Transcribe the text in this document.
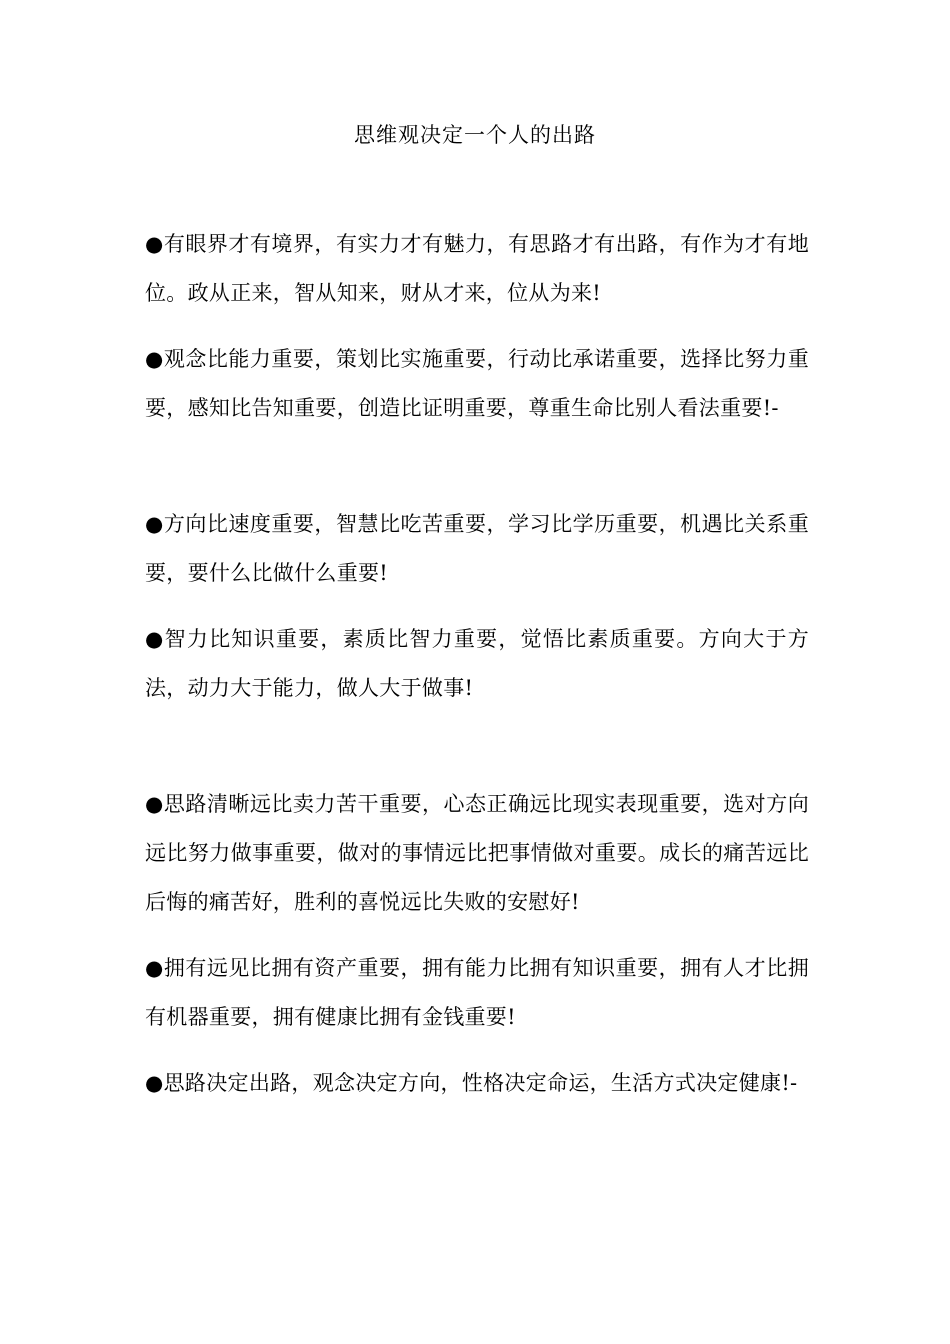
思维观决定一个人的出路

●有眼界才有境界，有实力才有魅力，有思路才有出路，有作为才有地位。政从正来，智从知来，财从才来，位从为来!

●观念比能力重要，策划比实施重要，行动比承诺重要，选择比努力重要，感知比告知重要，创造比证明重要，尊重生命比别人看法重要!-

●方向比速度重要，智慧比吃苦重要，学习比学历重要，机遇比关系重要，要什么比做什么重要!

●智力比知识重要，素质比智力重要，觉悟比素质重要。方向大于方法，动力大于能力，做人大于做事!

●思路清晰远比卖力苦干重要，心态正确远比现实表现重要，选对方向远比努力做事重要，做对的事情远比把事情做对重要。成长的痛苦远比后悔的痛苦好，胜利的喜悦远比失败的安慰好!

●拥有远见比拥有资产重要，拥有能力比拥有知识重要，拥有人才比拥有机器重要，拥有健康比拥有金钱重要!

●思路决定出路，观念决定方向，性格决定命运，生活方式决定健康!-
